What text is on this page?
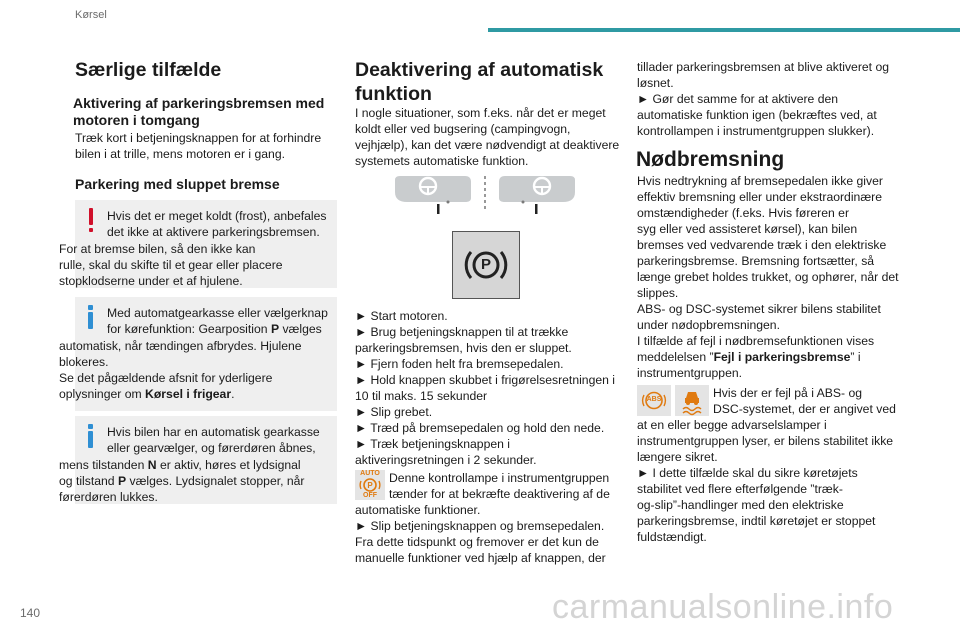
Kørsel
Særlige tilfælde
Aktivering af parkeringsbremsen med motoren i tomgang
Træk kort i betjeningsknappen for at forhindre bilen i at trille, mens motoren er i gang.
Parkering med sluppet bremse
Hvis det er meget koldt (frost), anbefales
det ikke at aktivere parkeringsbremsen.
For at bremse bilen, så den ikke kan
rulle, skal du skifte til et gear eller placere
stopklodserne under et af hjulene.
Med automatgearkasse eller vælgerknap
for kørefunktion: Gearposition P vælges
automatisk, når tændingen afbrydes. Hjulene
blokeres.
Se det pågældende afsnit for yderligere
oplysninger om Kørsel i frigear.
Hvis bilen har en automatisk gearkasse
eller gearvælger, og førerdøren åbnes,
mens tilstanden N er aktiv, høres et lydsignal
og tilstand P vælges. Lydsignalet stopper, når
førerdøren lukkes.
Deaktivering af automatisk
funktion
I nogle situationer, som f.eks. når det er meget
koldt eller ved bugsering (campingvogn,
vejhjælp), kan det være nødvendigt at deaktivere
systemets automatiske funktion.
P
► Start motoren.
► Brug betjeningsknappen til at trække
parkeringsbremsen, hvis den er sluppet.
► Fjern foden helt fra bremsepedalen.
► Hold knappen skubbet i frigørelsesretningen i
10 til maks. 15 sekunder
► Slip grebet.
► Træd på bremsepedalen og hold den nede.
► Træk betjeningsknappen i
aktiveringsretningen i 2 sekunder.
AUTO
P
OFF
Denne kontrollampe i instrumentgruppen
tænder for at bekræfte deaktivering af de
automatiske funktioner.
► Slip betjeningsknappen og bremsepedalen.
Fra dette tidspunkt og fremover er det kun de
manuelle funktioner ved hjælp af knappen, der
tillader parkeringsbremsen at blive aktiveret og
løsnet.
► Gør det samme for at aktivere den
automatiske funktion igen (bekræftes ved, at
kontrollampen i instrumentgruppen slukker).
Nødbremsning
Hvis nedtrykning af bremsepedalen ikke giver
effektiv bremsning eller under ekstraordinære
omstændigheder (f.eks. Hvis føreren er
syg eller ved assisteret kørsel), kan bilen
bremses ved vedvarende træk i den elektriske
parkeringsbremse. Bremsning fortsætter, så
længe grebet holdes trukket, og ophører, når det
slippes.
ABS- og DSC-systemet sikrer bilens stabilitet
under nødopbremsningen.
I tilfælde af fejl i nødbremsefunktionen vises
meddelelsen ”Fejl i parkeringsbremse” i
instrumentgruppen.
ABS	Hvis der er fejl på i ABS- og
DSC-systemet, der er angivet ved
at en eller begge advarselslamper i
instrumentgruppen lyser, er bilens stabilitet ikke
længere sikret.
► I dette tilfælde skal du sikre køretøjets
stabilitet ved flere efterfølgende ”træk-
og-slip”-handlinger med den elektriske
parkeringsbremse, indtil køretøjet er stoppet
fuldstændigt.
140	carmanualsonline.info
